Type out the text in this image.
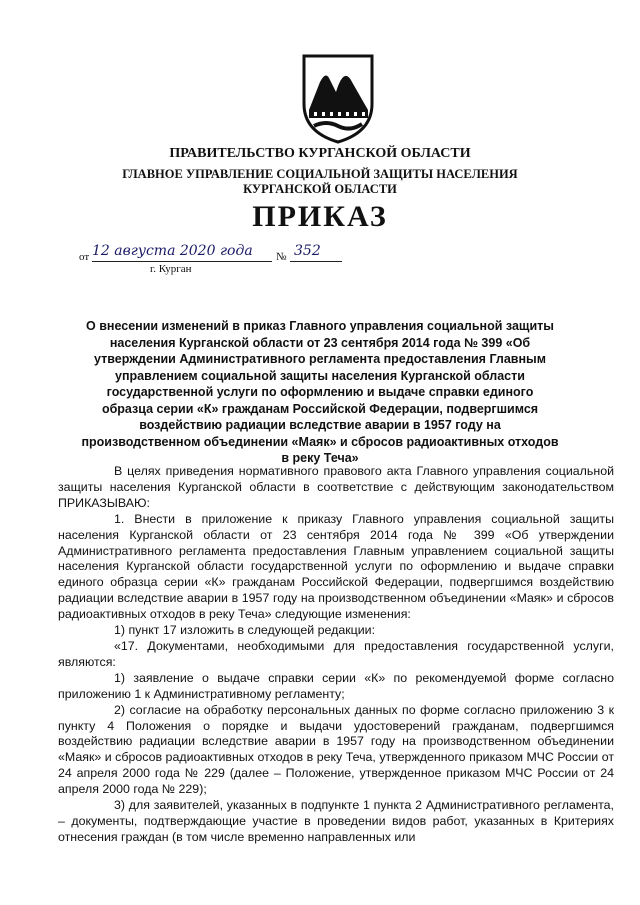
ПРАВИТЕЛЬСТВО КУРГАНСКОЙ ОБЛАСТИ
ГЛАВНОЕ УПРАВЛЕНИЕ СОЦИАЛЬНОЙ ЗАЩИТЫ НАСЕЛЕНИЯ
КУРГАНСКОЙ ОБЛАСТИ
ПРИКАЗ
от 12 августа 2020 года № 352
г. Курган
О внесении изменений в приказ Главного управления социальной защиты населения Курганской области от 23 сентября 2014 года № 399 «Об утверждении Административного регламента предоставления Главным управлением социальной защиты населения Курганской области государственной услуги по оформлению и выдаче справки единого образца серии «К» гражданам Российской Федерации, подвергшимся воздействию радиации вследствие аварии в 1957 году на производственном объединении «Маяк» и сбросов радиоактивных отходов в реку Теча»

В целях приведения нормативного правового акта Главного управления социальной защиты населения Курганской области в соответствие с действующим законодательством ПРИКАЗЫВАЮ:

1. Внести в приложение к приказу Главного управления социальной защиты населения Курганской области от 23 сентября 2014 года № 399 «Об утверждении Административного регламента предоставления Главным управлением социальной защиты населения Курганской области государственной услуги по оформлению и выдаче справки единого образца серии «К» гражданам Российской Федерации, подвергшимся воздействию радиации вследствие аварии в 1957 году на производственном объединении «Маяк» и сбросов радиоактивных отходов в реку Теча» следующие изменения:

1) пункт 17 изложить в следующей редакции:

«17. Документами, необходимыми для предоставления государственной услуги, являются:

1) заявление о выдаче справки серии «К» по рекомендуемой форме согласно приложению 1 к Административному регламенту;

2) согласие на обработку персональных данных по форме согласно приложению 3 к пункту 4 Положения о порядке и выдачи удостоверений гражданам, подвергшимся воздействию радиации вследствие аварии в 1957 году на производственном объединении «Маяк» и сбросов радиоактивных отходов в реку Теча, утвержденного приказом МЧС России от 24 апреля 2000 года № 229 (далее – Положение, утвержденное приказом МЧС России от 24 апреля 2000 года № 229);

3) для заявителей, указанных в подпункте 1 пункта 2 Административного регламента, – документы, подтверждающие участие в проведении видов работ, указанных в Критериях отнесения граждан (в том числе временно направленных или
